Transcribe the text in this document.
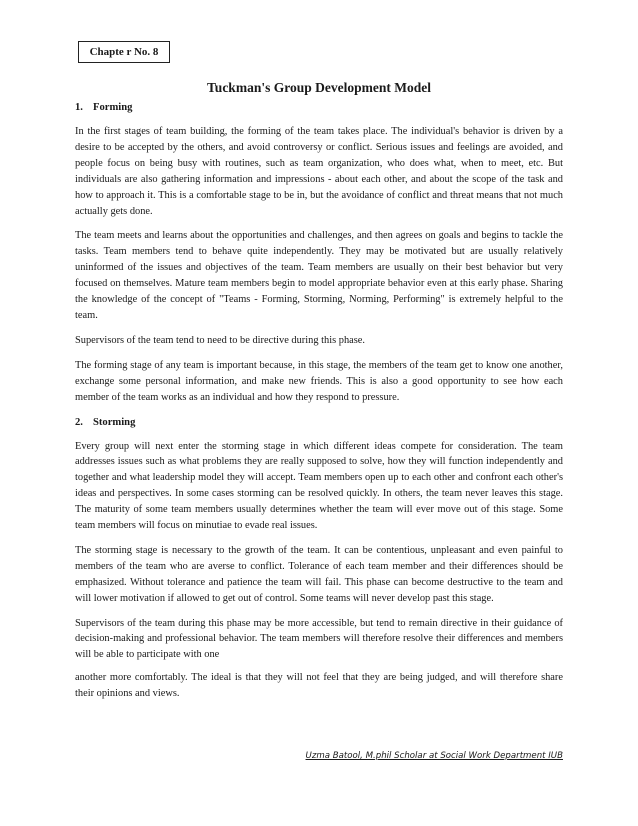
Chapte r No. 8
Tuckman's Group Development Model
1. Forming

In the first stages of team building, the forming of the team takes place. The individual's behavior is driven by a desire to be accepted by the others, and avoid controversy or conflict. Serious issues and feelings are avoided, and people focus on being busy with routines, such as team organization, who does what, when to meet, etc. But individuals are also gathering information and impressions - about each other, and about the scope of the task and how to approach it. This is a comfortable stage to be in, but the avoidance of conflict and threat means that not much actually gets done.

The team meets and learns about the opportunities and challenges, and then agrees on goals and begins to tackle the tasks. Team members tend to behave quite independently. They may be motivated but are usually relatively uninformed of the issues and objectives of the team. Team members are usually on their best behavior but very focused on themselves. Mature team members begin to model appropriate behavior even at this early phase. Sharing the knowledge of the concept of "Teams - Forming, Storming, Norming, Performing" is extremely helpful to the team.

Supervisors of the team tend to need to be directive during this phase.

The forming stage of any team is important because, in this stage, the members of the team get to know one another, exchange some personal information, and make new friends. This is also a good opportunity to see how each member of the team works as an individual and how they respond to pressure.

2. Storming

Every group will next enter the storming stage in which different ideas compete for consideration. The team addresses issues such as what problems they are really supposed to solve, how they will function independently and together and what leadership model they will accept. Team members open up to each other and confront each other's ideas and perspectives. In some cases storming can be resolved quickly. In others, the team never leaves this stage. The maturity of some team members usually determines whether the team will ever move out of this stage. Some team members will focus on minutiae to evade real issues.

The storming stage is necessary to the growth of the team. It can be contentious, unpleasant and even painful to members of the team who are averse to conflict. Tolerance of each team member and their differences should be emphasized. Without tolerance and patience the team will fail. This phase can become destructive to the team and will lower motivation if allowed to get out of control. Some teams will never develop past this stage.

Supervisors of the team during this phase may be more accessible, but tend to remain directive in their guidance of decision-making and professional behavior. The team members will therefore resolve their differences and members will be able to participate with one

another more comfortably. The ideal is that they will not feel that they are being judged, and will therefore share their opinions and views.

Uzma Batool, M.phil Scholar at Social Work Department IUB
